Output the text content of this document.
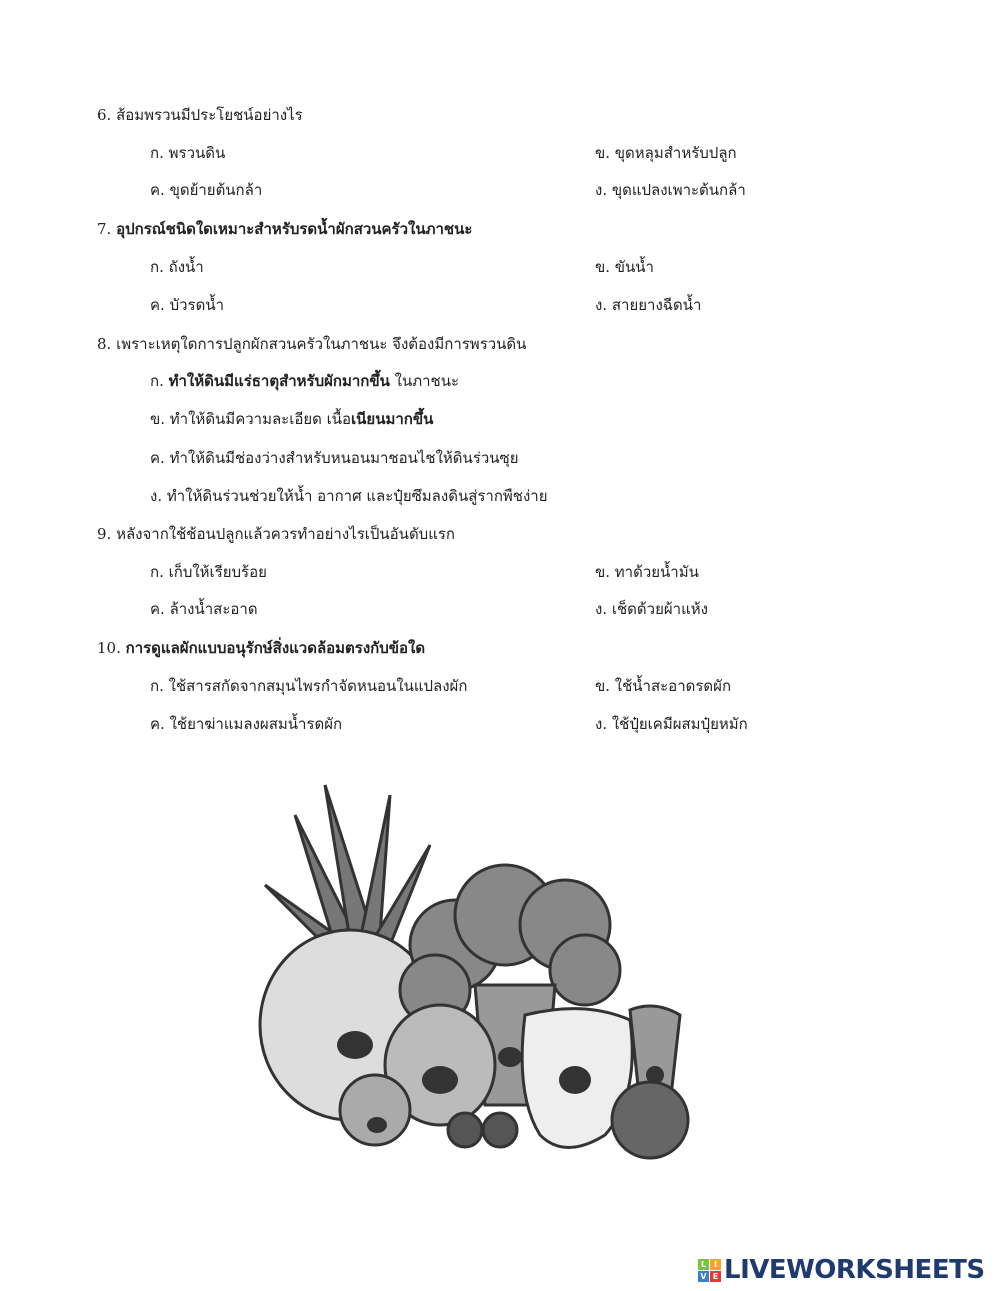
6. ส้อมพรวนมีประโยชน์อย่างไร
ก. พรวนดิน	ข. ขุดหลุมสำหรับปลูก
ค. ขุดย้ายต้นกล้า	ง. ขุดแปลงเพาะต้นกล้า
7. อุปกรณ์ชนิดใดเหมาะสำหรับรดน้ำผักสวนครัวในภาชนะ
ก. ถังน้ำ	ข. ขันน้ำ
ค. บัวรดน้ำ	ง. สายยางฉีดน้ำ
8. เพราะเหตุใดการปลูกผักสวนครัวในภาชนะ จึงต้องมีการพรวนดิน
ก. ทำให้ดินมีแร่ธาตุสำหรับผักมากขึ้น ในภาชนะ
ข. ทำให้ดินมีความละเอียด เนื้อเนียนมากขึ้น
ค. ทำให้ดินมีช่องว่างสำหรับหนอนมาชอนไชให้ดินร่วนซุย
ง. ทำให้ดินร่วนช่วยให้น้ำ อากาศ และปุ๋ยซึมลงดินสู่รากพืชง่าย
9. หลังจากใช้ช้อนปลูกแล้วควรทำอย่างไรเป็นอันดับแรก
ก. เก็บให้เรียบร้อย	ข. ทาด้วยน้ำมัน
ค. ล้างน้ำสะอาด	ง. เช็ดด้วยผ้าแห้ง
10. การดูแลผักแบบอนุรักษ์สิ่งแวดล้อมตรงกับข้อใด
ก. ใช้สารสกัดจากสมุนไพรกำจัดหนอนในแปลงผัก	ข. ใช้น้ำสะอาดรดผัก
ค. ใช้ยาฆ่าแมลงผสมน้ำรดผัก	ง. ใช้ปุ๋ยเคมีผสมปุ๋ยหมัก
L I
V E LIVEWORKSHEETS
